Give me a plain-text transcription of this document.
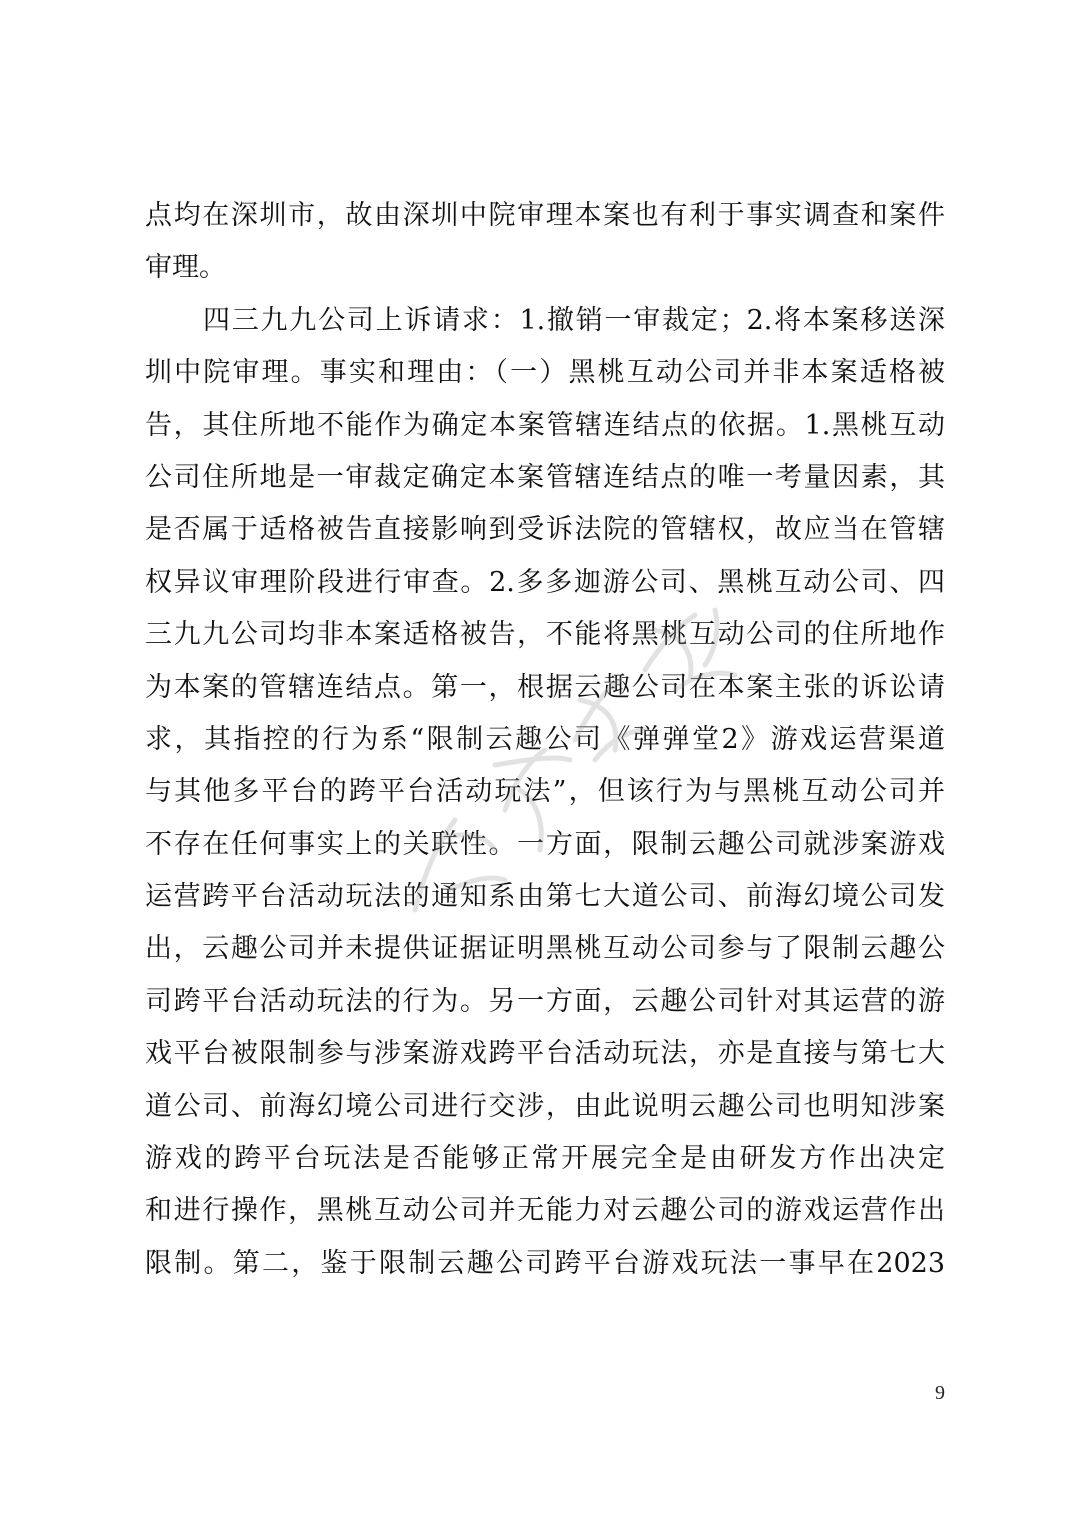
点均在深圳市，故由深圳中院审理本案也有利于事实调查和案件
审理。
四三九九公司上诉请求：1.撤销一审裁定；2.将本案移送深
圳中院审理。事实和理由：（一）黑桃互动公司并非本案适格被
告，其住所地不能作为确定本案管辖连结点的依据。1.黑桃互动
公司住所地是一审裁定确定本案管辖连结点的唯一考量因素，其
是否属于适格被告直接影响到受诉法院的管辖权，故应当在管辖
权异议审理阶段进行审查。2.多多迦游公司、黑桃互动公司、四
三九九公司均非本案适格被告，不能将黑桃互动公司的住所地作
为本案的管辖连结点。第一，根据云趣公司在本案主张的诉讼请
求，其指控的行为系“限制云趣公司《弹弹堂2》游戏运营渠道
与其他多平台的跨平台活动玩法”，但该行为与黑桃互动公司并
不存在任何事实上的关联性。一方面，限制云趣公司就涉案游戏
运营跨平台活动玩法的通知系由第七大道公司、前海幻境公司发
出，云趣公司并未提供证据证明黑桃互动公司参与了限制云趣公
司跨平台活动玩法的行为。另一方面，云趣公司针对其运营的游
戏平台被限制参与涉案游戏跨平台活动玩法，亦是直接与第七大
道公司、前海幻境公司进行交涉，由此说明云趣公司也明知涉案
游戏的跨平台玩法是否能够正常开展完全是由研发方作出决定
和进行操作，黑桃互动公司并无能力对云趣公司的游戏运营作出
限制。第二，鉴于限制云趣公司跨平台游戏玩法一事早在2023
9
